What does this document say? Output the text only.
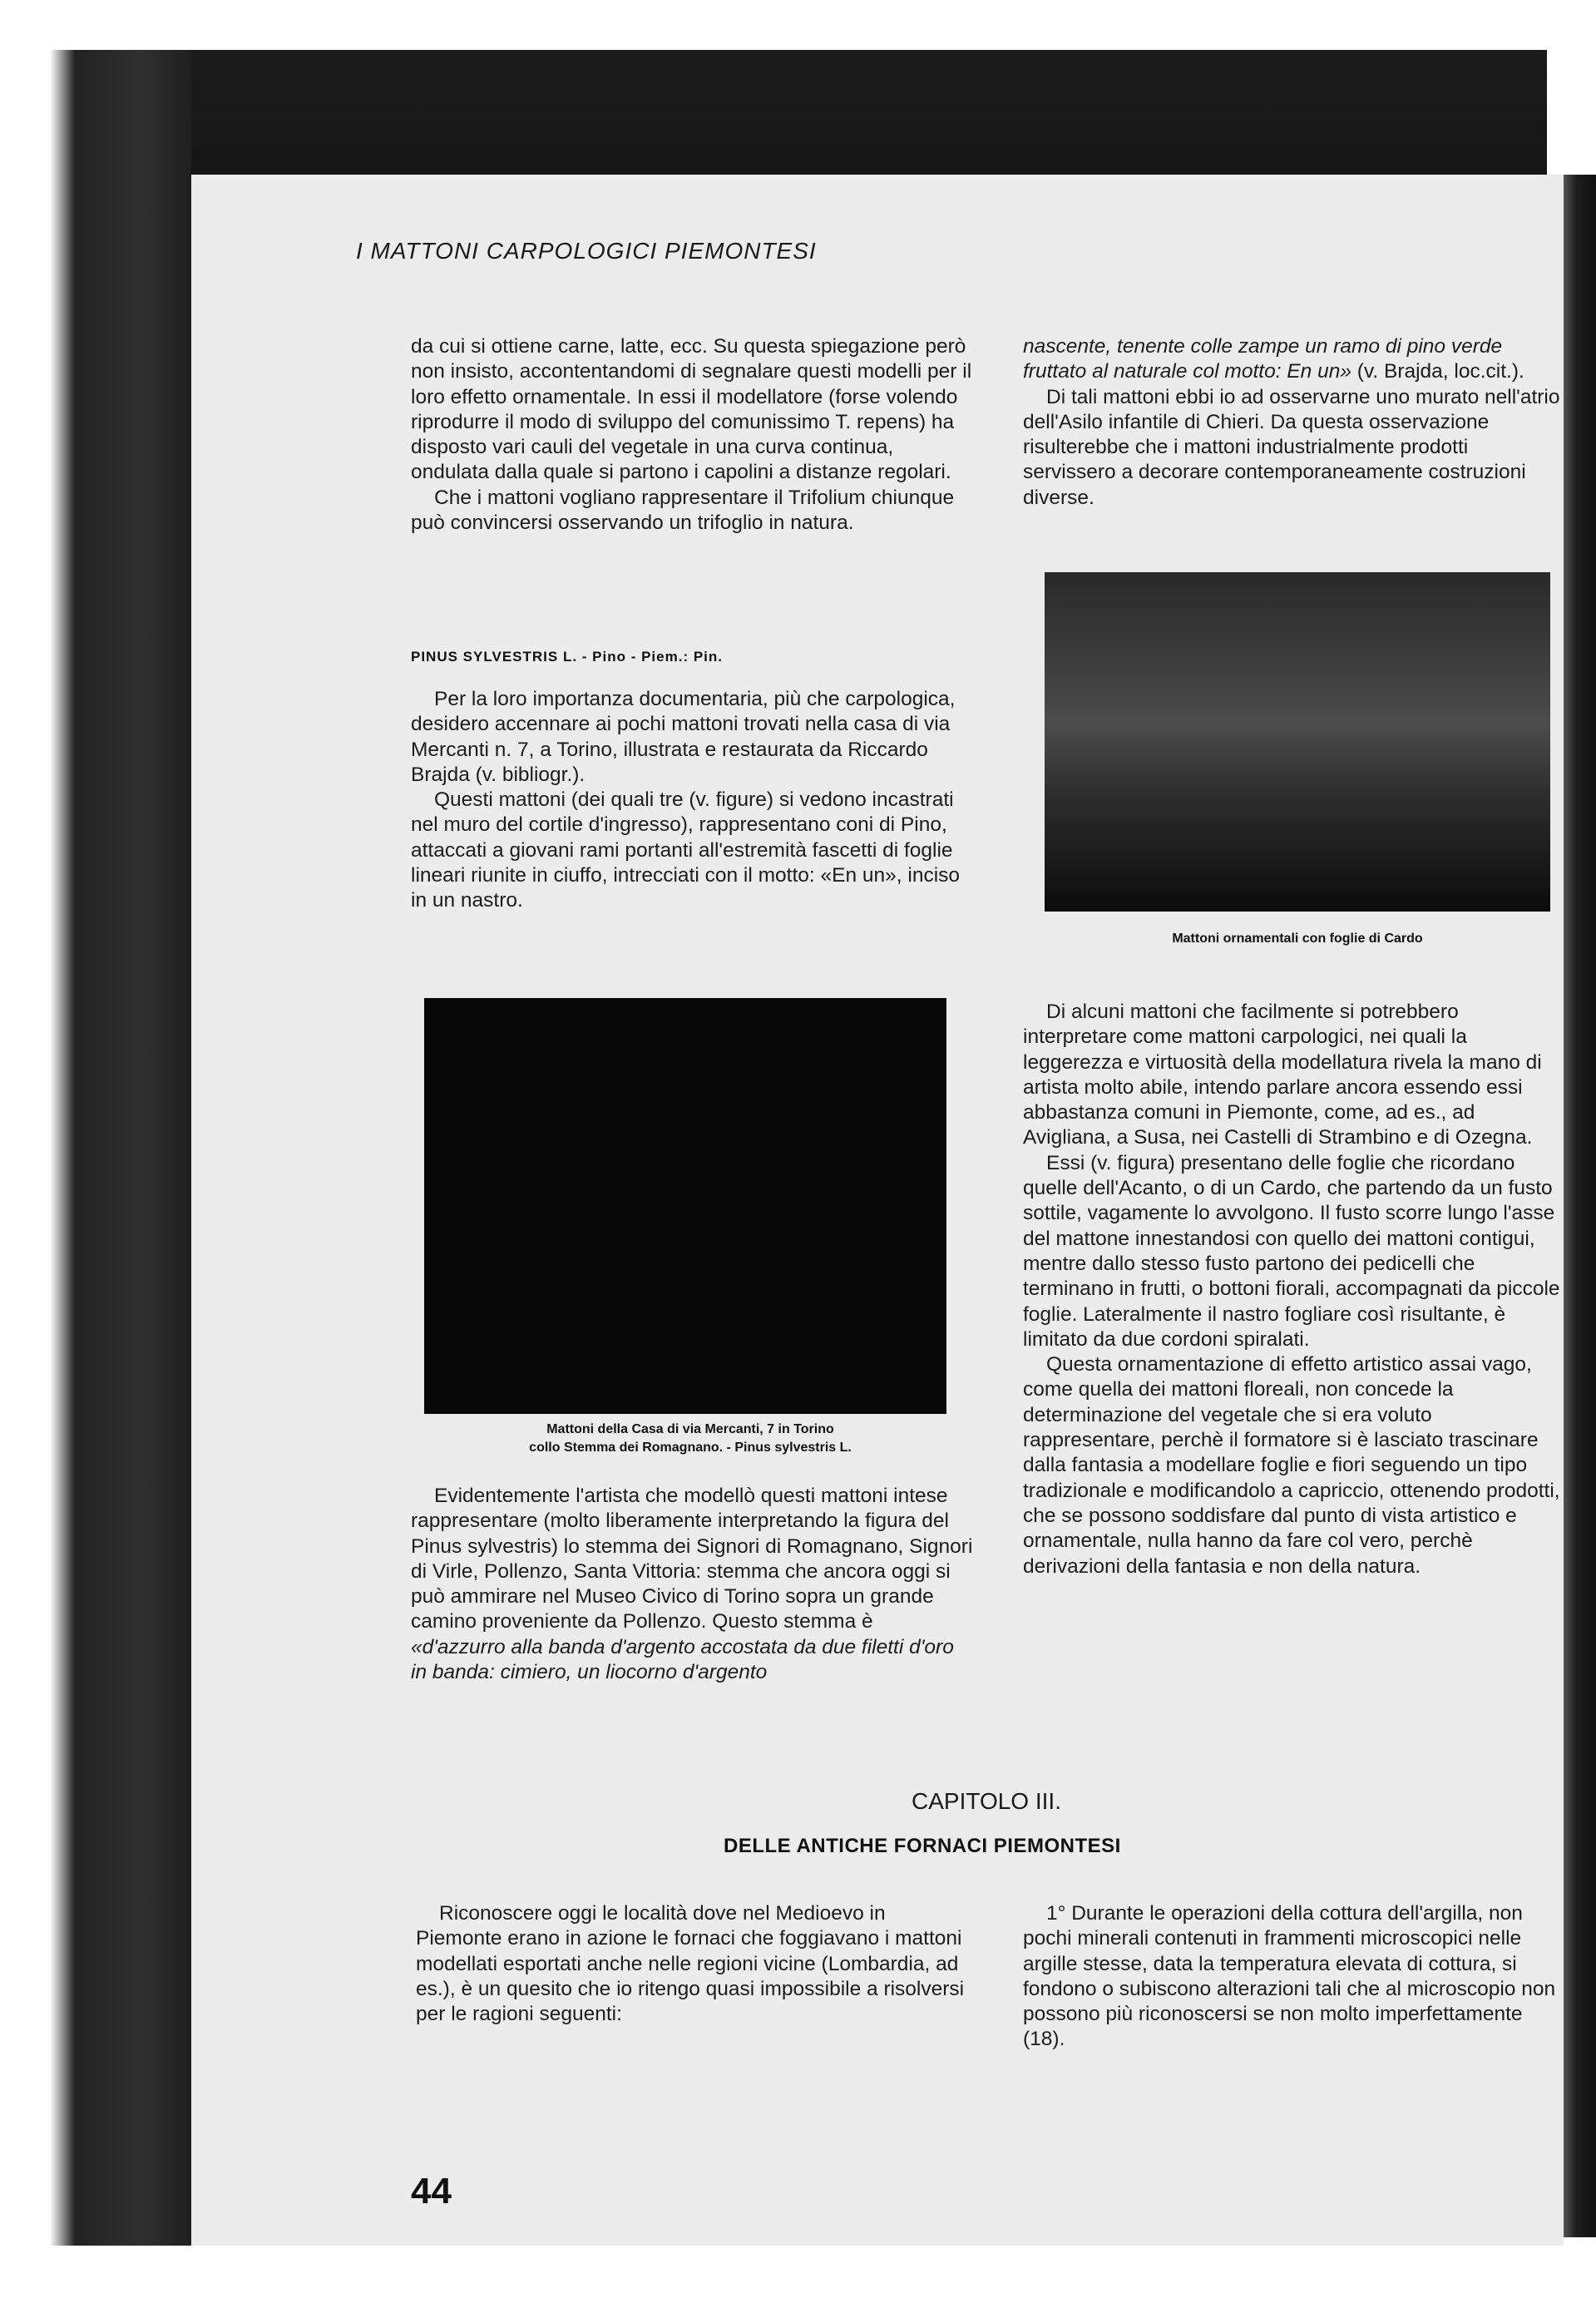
I MATTONI CARPOLOGICI PIEMONTESI

da cui si ottiene carne, latte, ecc. Su questa spiegazione però non insisto, accontentandomi di segnalare questi modelli per il loro effetto ornamentale. In essi il modellatore (forse volendo riprodurre il modo di sviluppo del comunissimo T. repens) ha disposto vari cauli del vegetale in una curva continua, ondulata dalla quale si partono i capolini a distanze regolari.

Che i mattoni vogliano rappresentare il Trifolium chiunque può convincersi osservando un trifoglio in natura.

PINUS SYLVESTRIS L. - Pino - Piem.: Pin.

Per la loro importanza documentaria, più che carpologica, desidero accennare ai pochi mattoni trovati nella casa di via Mercanti n. 7, a Torino, illustrata e restaurata da Riccardo Brajda (v. bibliogr.).

Questi mattoni (dei quali tre (v. figure) si vedono incastrati nel muro del cortile d'ingresso), rappresentano coni di Pino, attaccati a giovani rami portanti all'estremità fascetti di foglie lineari riunite in ciuffo, intrecciati con il motto: «En un», inciso in un nastro.

Mattoni della Casa di via Mercanti, 7 in Torino
collo Stemma dei Romagnano. - Pinus sylvestris L.

Evidentemente l'artista che modellò questi mattoni intese rappresentare (molto liberamente interpretando la figura del Pinus sylvestris) lo stemma dei Signori di Romagnano, Signori di Virle, Pollenzo, Santa Vittoria: stemma che ancora oggi si può ammirare nel Museo Civico di Torino sopra un grande camino proveniente da Pollenzo. Questo stemma è «d'azzurro alla banda d'argento accostata da due filetti d'oro in banda: cimiero, un liocorno d'argento

nascente, tenente colle zampe un ramo di pino verde fruttato al naturale col motto: En un» (v. Brajda, loc.cit.).

Di tali mattoni ebbi io ad osservarne uno murato nell'atrio dell'Asilo infantile di Chieri. Da questa osservazione risulterebbe che i mattoni industrialmente prodotti servissero a decorare contemporaneamente costruzioni diverse.

Mattoni ornamentali con foglie di Cardo

Di alcuni mattoni che facilmente si potrebbero interpretare come mattoni carpologici, nei quali la leggerezza e virtuosità della modellatura rivela la mano di artista molto abile, intendo parlare ancora essendo essi abbastanza comuni in Piemonte, come, ad es., ad Avigliana, a Susa, nei Castelli di Strambino e di Ozegna.

Essi (v. figura) presentano delle foglie che ricordano quelle dell'Acanto, o di un Cardo, che partendo da un fusto sottile, vagamente lo avvolgono. Il fusto scorre lungo l'asse del mattone innestandosi con quello dei mattoni contigui, mentre dallo stesso fusto partono dei pedicelli che terminano in frutti, o bottoni fiorali, accompagnati da piccole foglie. Lateralmente il nastro fogliare così risultante, è limitato da due cordoni spiralati.

Questa ornamentazione di effetto artistico assai vago, come quella dei mattoni floreali, non concede la determinazione del vegetale che si era voluto rappresentare, perchè il formatore si è lasciato trascinare dalla fantasia a modellare foglie e fiori seguendo un tipo tradizionale e modificandolo a capriccio, ottenendo prodotti, che se possono soddisfare dal punto di vista artistico e ornamentale, nulla hanno da fare col vero, perchè derivazioni della fantasia e non della natura.

CAPITOLO III.
DELLE ANTICHE FORNACI PIEMONTESI

Riconoscere oggi le località dove nel Medioevo in Piemonte erano in azione le fornaci che foggiavano i mattoni modellati esportati anche nelle regioni vicine (Lombardia, ad es.), è un quesito che io ritengo quasi impossibile a risolversi per le ragioni seguenti:

1° Durante le operazioni della cottura dell'argilla, non pochi minerali contenuti in frammenti microscopici nelle argille stesse, data la temperatura elevata di cottura, si fondono o subiscono alterazioni tali che al microscopio non possono più riconoscersi se non molto imperfettamente (18).

44
